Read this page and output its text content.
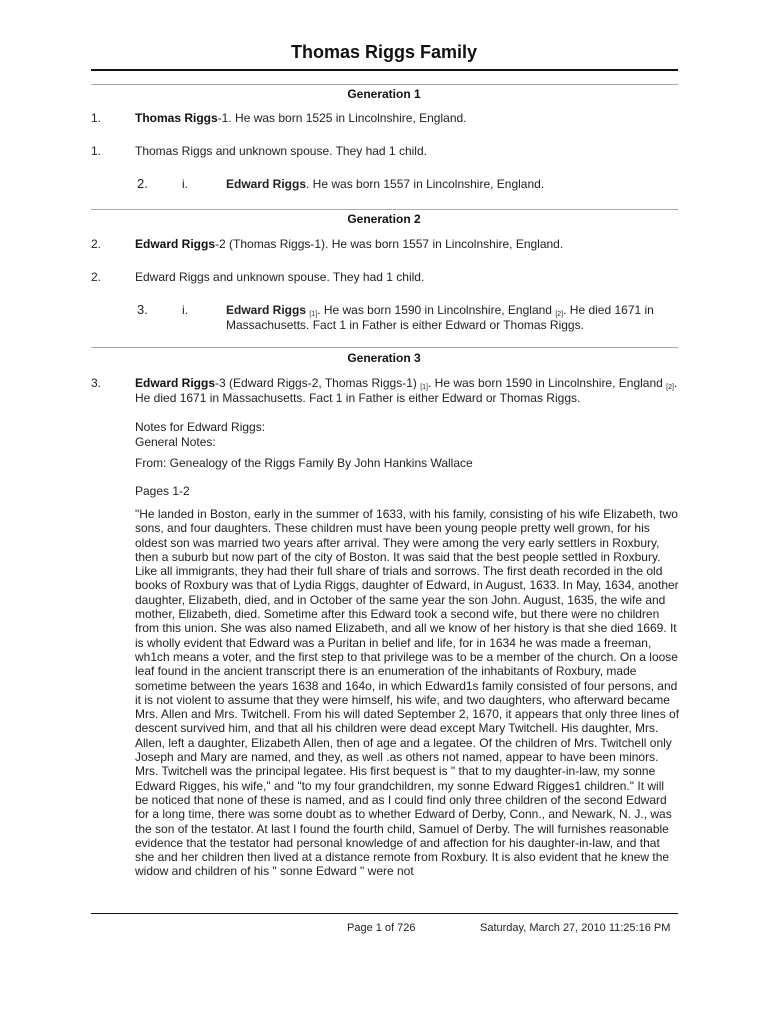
Thomas Riggs Family
Generation 1
1.	Thomas Riggs-1. He was born 1525 in Lincolnshire, England.
1.	Thomas Riggs and unknown spouse. They had 1 child.
2.	i.	Edward Riggs. He was born 1557 in Lincolnshire, England.
Generation 2
2.	Edward Riggs-2 (Thomas Riggs-1). He was born 1557 in Lincolnshire, England.
2.	Edward Riggs and unknown spouse. They had 1 child.
3.	i.	Edward Riggs [1]. He was born 1590 in Lincolnshire, England [2]. He died 1671 in Massachusetts. Fact 1 in Father is either Edward or Thomas Riggs.
Generation 3
3.	Edward Riggs-3 (Edward Riggs-2, Thomas Riggs-1) [1]. He was born 1590 in Lincolnshire, England [2]. He died 1671 in Massachusetts. Fact 1 in Father is either Edward or Thomas Riggs.

Notes for Edward Riggs:

General Notes:

From: Genealogy of the Riggs Family By John Hankins Wallace
Pages 1-2
"He landed in Boston, early in the summer of 1633, with his family, consisting of his wife Elizabeth, two sons, and four daughters. These children must have been young people pretty well grown, for his oldest son was married two years after arrival. They were among the very early settlers in Roxbury, then a suburb but now part of the city of Boston. It was said that the best people settled in Roxbury. Like all immigrants, they had their full share of trials and sorrows. The first death recorded in the old books of Roxbury was that of Lydia Riggs, daughter of Edward, in August, 1633. In May, 1634, another daughter, Elizabeth, died, and in October of the same year the son John. August, 1635, the wife and mother, Elizabeth, died. Sometime after this Edward took a second wife, but there were no children from this union. She was also named Elizabeth, and all we know of her history is that she died 1669. It is wholly evident that Edward was a Puritan in belief and life, for in 1634 he was made a freeman, wh1ch means a voter, and the first step to that privilege was to be a member of the church. On a loose leaf found in the ancient transcript there is an enumeration of the inhabitants of Roxbury, made sometime between the years 1638 and 164o, in which Edward1s family consisted of four persons, and it is not violent to assume that they were himself, his wife, and two daughters, who afterward became Mrs. Allen and Mrs. Twitchell. From his will dated September 2, 1670, it appears that only three lines of descent survived him, and that all his children were dead except Mary Twitchell. His daughter, Mrs. Allen, left a daughter, Elizabeth Allen, then of age and a legatee. Of the children of Mrs. Twitchell only Joseph and Mary are named, and they, as well .as others not named, appear to have been minors. Mrs. Twitchell was the principal legatee. His first bequest is " that to my daughter-in-law, my sonne Edward Rigges, his wife," and "to my four grandchildren, my sonne Edward Rigges1 children." It will be noticed that none of these is named, and as I could find only three children of the second Edward for a long time, there was some doubt as to whether Edward of Derby, Conn., and Newark, N. J., was the son of the testator. At last I found the fourth child, Samuel of Derby. The will furnishes reasonable evidence that the testator had personal knowledge of and affection for his daughter-in-law, and that she and her children then lived at a distance remote from Roxbury. It is also evident that he knew the widow and children of his " sonne Edward " were not
Page 1 of 726	Saturday, March 27, 2010 11:25:16 PM
